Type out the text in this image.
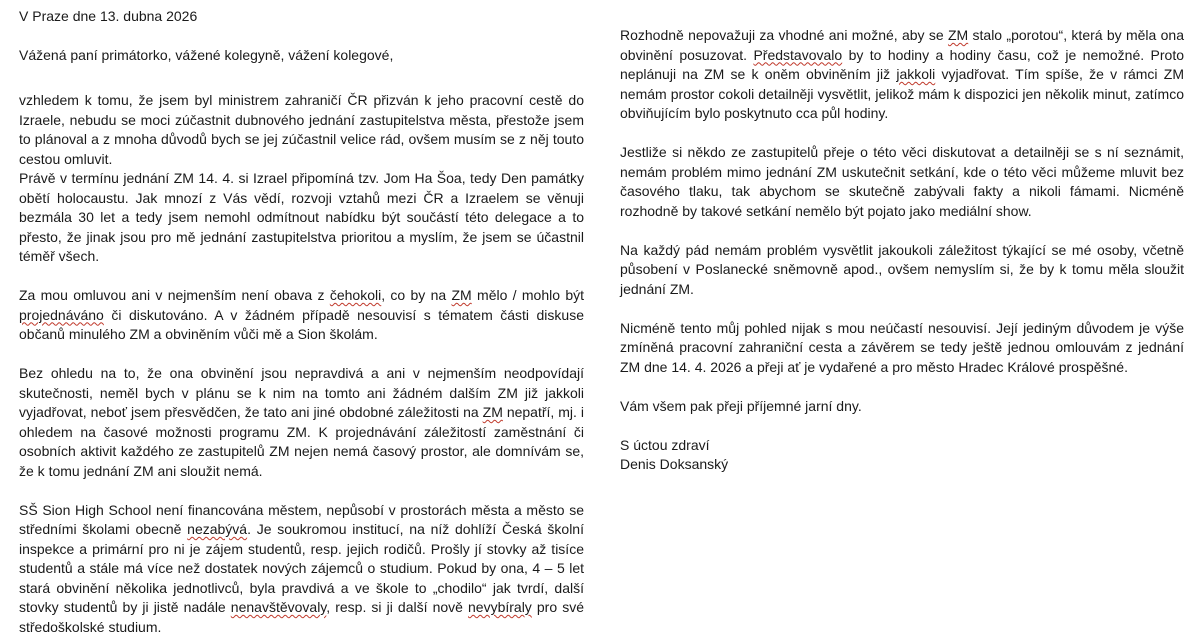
V Praze dne 13. dubna 2026

Vážená paní primátorko, vážené kolegyně, vážení kolegové,

vzhledem k tomu, že jsem byl ministrem zahraničí ČR přizván k jeho pracovní cestě do Izraele, nebudu se moci zúčastnit dubnového jednání zastupitelstva města, přestože jsem to plánoval a z mnoha důvodů bych se jej zúčastnil velice rád, ovšem musím se z něj touto cestou omluvit.

Právě v termínu jednání ZM 14. 4. si Izrael připomíná tzv. Jom Ha Šoa, tedy Den památky obětí holocaustu. Jak mnozí z Vás vědí, rozvoji vztahů mezi ČR a Izraelem se věnuji bezmála 30 let a tedy jsem nemohl odmítnout nabídku být součástí této delegace a to přesto, že jinak jsou pro mě jednání zastupitelstva prioritou a myslím, že jsem se účastnil téměř všech.

Za mou omluvou ani v nejmenším není obava z čehokoli, co by na ZM mělo / mohlo být projednáváno či diskutováno. A v žádném případě nesouvisí s tématem části diskuse občanů minulého ZM a obviněním vůči mě a Sion školám.

Bez ohledu na to, že ona obvinění jsou nepravdivá a ani v nejmenším neodpovídají skutečnosti, neměl bych v plánu se k nim na tomto ani žádném dalším ZM již jakkoli vyjadřovat, neboť jsem přesvědčen, že tato ani jiné obdobné záležitosti na ZM nepatří, mj. i ohledem na časové možnosti programu ZM. K projednávání záležitostí zaměstnání či osobních aktivit každého ze zastupitelů ZM nejen nemá časový prostor, ale domnívám se, že k tomu jednání ZM ani sloužit nemá.

SŠ Sion High School není financována městem, nepůsobí v prostorách města a město se středními školami obecně nezabývá. Je soukromou institucí, na níž dohlíží Česká školní inspekce a primární pro ni je zájem studentů, resp. jejich rodičů. Prošly jí stovky až tisíce studentů a stále má více než dostatek nových zájemců o studium. Pokud by ona, 4 – 5 let stará obvinění několika jednotlivců, byla pravdivá a ve škole to „chodilo“ jak tvrdí, další stovky studentů by ji jistě nadále nenavštěvovaly, resp. si ji další nově nevybíraly pro své středoškolské studium.

Rozhodně nepovažuji za vhodné ani možné, aby se ZM stalo „porotou“, která by měla ona obvinění posuzovat. Představovalo by to hodiny a hodiny času, což je nemožné. Proto neplánuji na ZM se k oněm obviněním již jakkoli vyjadřovat. Tím spíše, že v rámci ZM nemám prostor cokoli detailněji vysvětlit, jelikož mám k dispozici jen několik minut, zatímco obviňujícím bylo poskytnuto cca půl hodiny.

Jestliže si někdo ze zastupitelů přeje o této věci diskutovat a detailněji se s ní seznámit, nemám problém mimo jednání ZM uskutečnit setkání, kde o této věci můžeme mluvit bez časového tlaku, tak abychom se skutečně zabývali fakty a nikoli fámami. Nicméně rozhodně by takové setkání nemělo být pojato jako mediální show.

Na každý pád nemám problém vysvětlit jakoukoli záležitost týkající se mé osoby, včetně působení v Poslanecké sněmovně apod., ovšem nemyslím si, že by k tomu měla sloužit jednání ZM.

Nicméně tento můj pohled nijak s mou neúčastí nesouvisí. Její jediným důvodem je výše zmíněná pracovní zahraniční cesta a závěrem se tedy ještě jednou omlouvám z jednání ZM dne 14. 4. 2026 a přeji ať je vydařené a pro město Hradec Králové prospěšné.

Vám všem pak přeji příjemné jarní dny.

S úctou zdraví

Denis Doksanský
